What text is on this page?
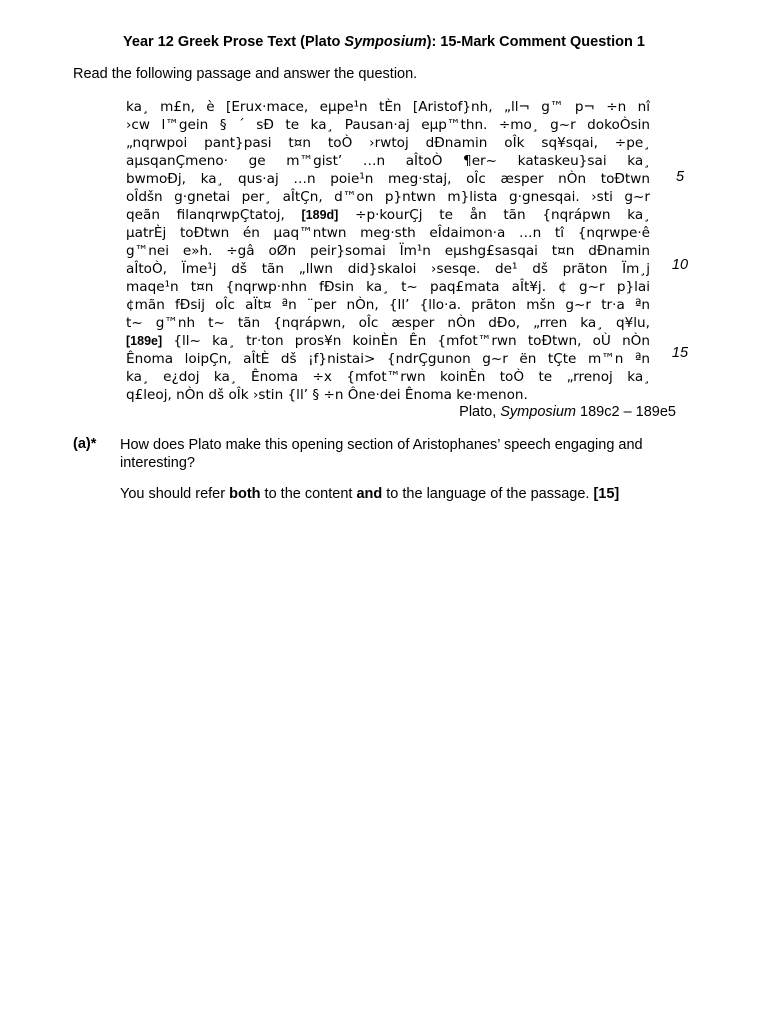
Year 12 Greek Prose Text (Plato Symposium): 15-Mark Comment Question 1
Read the following passage and answer the question.
ka¸ m£n, è [Erux·mace, eµpe¹n tÈn [Aristof}nh, „ll¬ g™ p¬ ÷n nî
›cw l™gein § ´ sÐ te ka¸ Pausan·aj eµp™thn. ÷mo¸ g~r dokoÒsin
„nqrwpoi pant}pasi t¤n toÒ ›rwtoj dÐnamin oÎk sq¥sqai, ÷pe¸
aµsqanÇmeno· ge m™gist’ …n aÎtoÒ ¶er~ kataskeu}sai ka¸
bwmoÐj, ka¸ qus·aj …n poie¹n meg·staj, oÎc æsper nÒn toÐtwn
oÎdšn g·gnetai per¸ aÎtÇn, d™on p}ntwn m}lista g·gnesqai. ›sti g~r
qeãn filanqrwpÇtatoj, [189d] ÷p·kourÇj te ån tãn {nqrápwn ka¸
µatrÈj toÐtwn én µaq™ntwn meg·sth eÎdaimon·a …n tî {nqrwpe·ê
g™nei e»h. ÷gâ oØn peir}somai Ïm¹n eµshg£sasqai t¤n dÐnamin
aÎtoÒ, Ïme¹j dš tãn „llwn did}skaloi ›sesqe. de¹ dš prãton Ïm¸j
maqe¹n t¤n {nqrwp·nhn fÐsin ka¸ t~ paq£mata aÎt¥j. ¢ g~r p}lai
¢mãn fÐsij oÎc aÏt¤ ªn ¨per nÒn, {ll’ {llo·a. prãton mšn g~r tr·a ªn
t~ g™nh t~ tãn {nqrápwn, oÎc æsper nÒn dÐo, „rren ka¸ q¥lu,
[189e] {ll~ ka¸ tr·ton pros¥n koinÈn Ên {mfot™rwn toÐtwn, oÙ nÒn
Ênoma loipÇn, aÎtÈ dš ¡f}nistai> {ndrÇgunon g~r ën tÇte m™n ªn
ka¸ e¿doj ka¸ Ênoma ÷x {mfot™rwn koinÈn toÒ te „rrenoj ka¸
q£leoj, nÒn dš oÎk ›stin {ll’ § ÷n Ône·dei Ênoma ke·menon.
5
10
15
Plato, Symposium 189c2 – 189e5
(a)* How does Plato make this opening section of Aristophanes’ speech engaging and interesting?
You should refer both to the content and to the language of the passage. [15]
